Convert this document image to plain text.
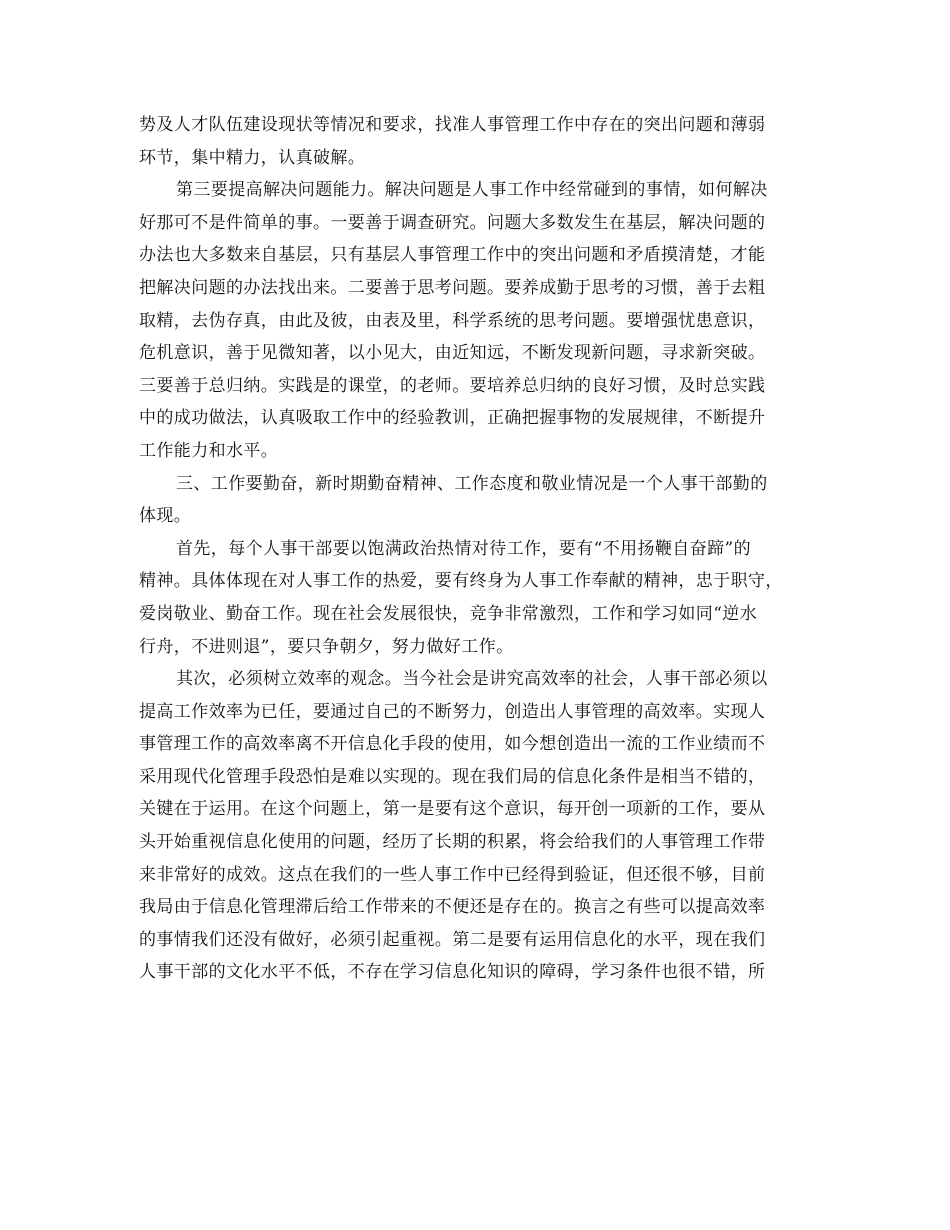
势及人才队伍建设现状等情况和要求，找准人事管理工作中存在的突出问题和薄弱
环节，集中精力，认真破解。
第三要提高解决问题能力。解决问题是人事工作中经常碰到的事情，如何解决
好那可不是件简单的事。一要善于调查研究。问题大多数发生在基层，解决问题的
办法也大多数来自基层，只有基层人事管理工作中的突出问题和矛盾摸清楚，才能
把解决问题的办法找出来。二要善于思考问题。要养成勤于思考的习惯，善于去粗
取精，去伪存真，由此及彼，由表及里，科学系统的思考问题。要增强忧患意识，
危机意识，善于见微知著，以小见大，由近知远，不断发现新问题，寻求新突破。
三要善于总归纳。实践是的课堂，的老师。要培养总归纳的良好习惯，及时总实践
中的成功做法，认真吸取工作中的经验教训，正确把握事物的发展规律，不断提升
工作能力和水平。
三、工作要勤奋，新时期勤奋精神、工作态度和敬业情况是一个人事干部勤的
体现。
首先，每个人事干部要以饱满政治热情对待工作，要有“不用扬鞭自奋蹄”的
精神。具体体现在对人事工作的热爱，要有终身为人事工作奉献的精神，忠于职守，
爱岗敬业、勤奋工作。现在社会发展很快，竞争非常激烈，工作和学习如同“逆水
行舟，不进则退”，要只争朝夕，努力做好工作。
其次，必须树立效率的观念。当今社会是讲究高效率的社会，人事干部必须以
提高工作效率为已任，要通过自己的不断努力，创造出人事管理的高效率。实现人
事管理工作的高效率离不开信息化手段的使用，如今想创造出一流的工作业绩而不
采用现代化管理手段恐怕是难以实现的。现在我们局的信息化条件是相当不错的，
关键在于运用。在这个问题上，第一是要有这个意识，每开创一项新的工作，要从
头开始重视信息化使用的问题，经历了长期的积累，将会给我们的人事管理工作带
来非常好的成效。这点在我们的一些人事工作中已经得到验证，但还很不够，目前
我局由于信息化管理滞后给工作带来的不便还是存在的。换言之有些可以提高效率
的事情我们还没有做好，必须引起重视。第二是要有运用信息化的水平，现在我们
人事干部的文化水平不低，不存在学习信息化知识的障碍，学习条件也很不错，所
